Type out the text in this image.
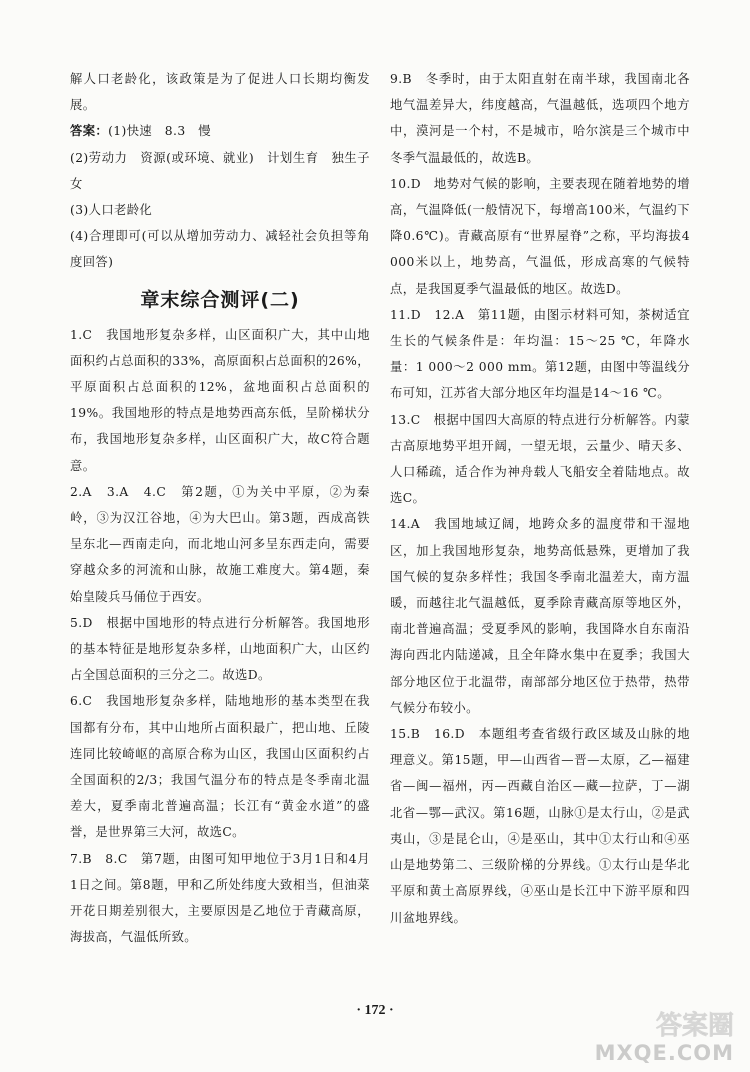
解人口老龄化，该政策是为了促进人口长期均衡发展。

答案：(1)快速　8.3　慢

(2)劳动力　资源(或环境、就业)　计划生育　独生子女

(3)人口老龄化

(4)合理即可(可以从增加劳动力、减轻社会负担等角度回答)

章末综合测评(二)

1.C　我国地形复杂多样，山区面积广大，其中山地面积约占总面积的33%，高原面积占总面积的26%，平原面积占总面积的12%，盆地面积占总面积的19%。我国地形的特点是地势西高东低，呈阶梯状分布，我国地形复杂多样，山区面积广大，故C符合题意。

2.A　3.A　4.C　第2题，①为关中平原，②为秦岭，③为汉江谷地，④为大巴山。第3题，西成高铁呈东北—西南走向，而北地山河多呈东西走向，需要穿越众多的河流和山脉，故施工难度大。第4题，秦始皇陵兵马俑位于西安。

5.D　根据中国地形的特点进行分析解答。我国地形的基本特征是地形复杂多样，山地面积广大，山区约占全国总面积的三分之二。故选D。

6.C　我国地形复杂多样，陆地地形的基本类型在我国都有分布，其中山地所占面积最广，把山地、丘陵连同比较崎岖的高原合称为山区，我国山区面积约占全国面积的2/3；我国气温分布的特点是冬季南北温差大，夏季南北普遍高温；长江有“黄金水道”的盛誉，是世界第三大河，故选C。

7.B　8.C　第7题，由图可知甲地位于3月1日和4月1日之间。第8题，甲和乙所处纬度大致相当，但油菜开花日期差别很大，主要原因是乙地位于青藏高原，海拔高，气温低所致。

9.B　冬季时，由于太阳直射在南半球，我国南北各地气温差异大，纬度越高，气温越低，选项四个地方中，漠河是一个村，不是城市，哈尔滨是三个城市中冬季气温最低的，故选B。

10.D　地势对气候的影响，主要表现在随着地势的增高，气温降低(一般情况下，每增高100米，气温约下降0.6℃)。青藏高原有“世界屋脊”之称，平均海拔4 000米以上，地势高，气温低，形成高寒的气候特点，是我国夏季气温最低的地区。故选D。

11.D　12.A　第11题，由图示材料可知，茶树适宜生长的气候条件是：年均温：15～25 ℃，年降水量：1 000～2 000 mm。第12题，由图中等温线分布可知，江苏省大部分地区年均温是14～16 ℃。

13.C　根据中国四大高原的特点进行分析解答。内蒙古高原地势平坦开阔，一望无垠，云量少、晴天多、人口稀疏，适合作为神舟载人飞船安全着陆地点。故选C。

14.A　我国地域辽阔，地跨众多的温度带和干湿地区，加上我国地形复杂，地势高低悬殊，更增加了我国气候的复杂多样性；我国冬季南北温差大，南方温暖，而越往北气温越低，夏季除青藏高原等地区外，南北普遍高温；受夏季风的影响，我国降水自东南沿海向西北内陆递减，且全年降水集中在夏季；我国大部分地区位于北温带，南部部分地区位于热带，热带气候分布较小。

15.B　16.D　本题组考查省级行政区域及山脉的地理意义。第15题，甲—山西省—晋—太原，乙—福建省—闽—福州，丙—西藏自治区—藏—拉萨，丁—湖北省—鄂—武汉。第16题，山脉①是太行山，②是武夷山，③是昆仑山，④是巫山，其中①太行山和④巫山是地势第二、三级阶梯的分界线。①太行山是华北平原和黄土高原界线，④巫山是长江中下游平原和四川盆地界线。

· 172 ·
答案圈
MXQE.COM
